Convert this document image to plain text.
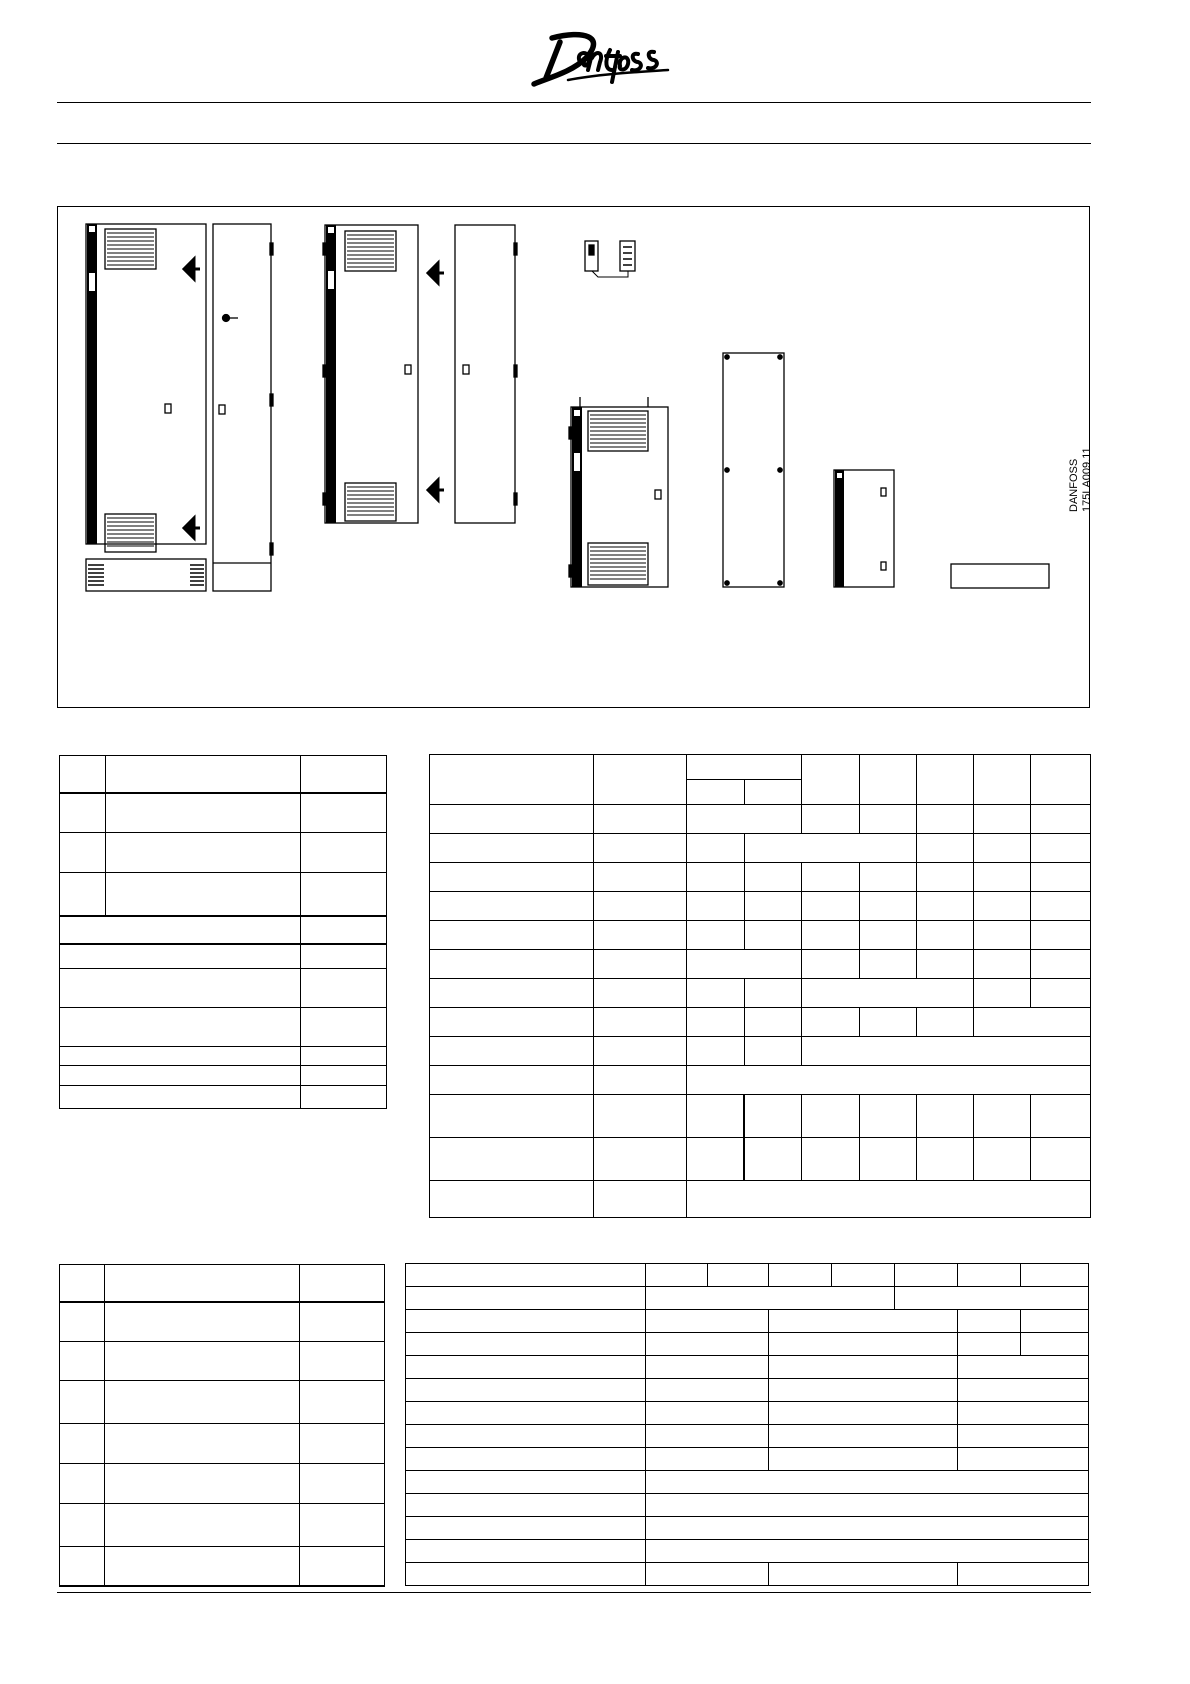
DANFOSS 175LA009.11
